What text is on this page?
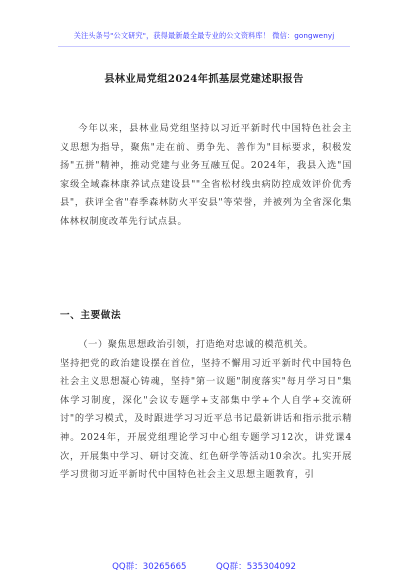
关注头条号"公文研究"，获得最新最全最专业的公文资料库！ 微信：gongwenyj
县林业局党组2024年抓基层党建述职报告
今年以来，县林业局党组坚持以习近平新时代中国特色社会主义思想为指导，聚焦"走在前、勇争先、善作为"目标要求，积极发扬"五拼"精神，推动党建与业务互融互促。2024年，我县入选"国家级全域森林康养试点建设县""全省松材线虫病防控成效评价优秀县"，获评全省"春季森林防火平安县"等荣誉，并被列为全省深化集体林权制度改革先行试点县。
一、主要做法
（一）聚焦思想政治引领，打造绝对忠诚的模范机关。
坚持把党的政治建设摆在首位，坚持不懈用习近平新时代中国特色社会主义思想凝心铸魂，坚持"第一议题"制度落实"每月学习日"集体学习制度，深化"会议专题学+支部集中学+个人自学+交流研讨"的学习模式，及时跟进学习习近平总书记最新讲话和指示批示精神。2024年，开展党组理论学习中心组专题学习12次，讲党课4次，开展集中学习、研讨交流、红色研学等活动10余次。扎实开展学习贯彻习近平新时代中国特色社会主义思想主题教育，引
QQ群：30265665	QQ群：535304092
